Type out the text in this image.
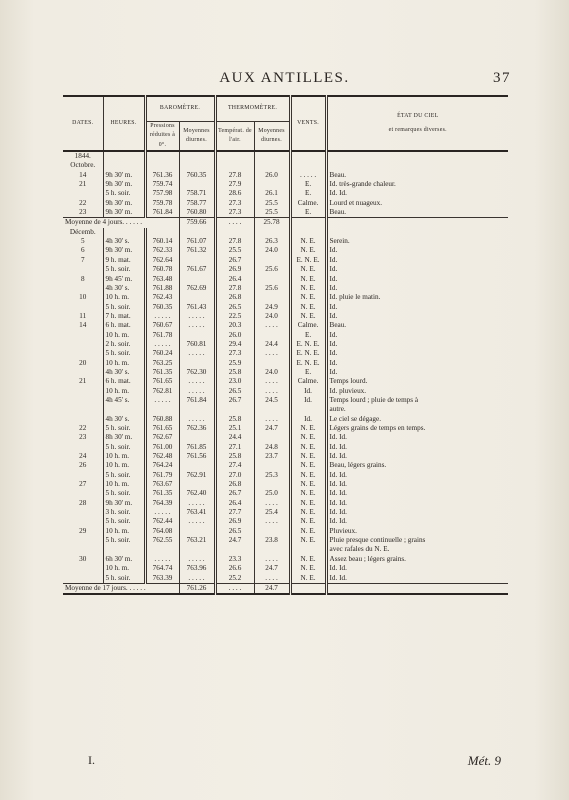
AUX ANTILLES.	37
DATES.	HEURES.	BAROMÈTRE.		THERMOMÈTRE.		VENTS.	ÉTAT DU CIEL
et remarques diverses.

		Pressions réduites à 0°.	Moyennes diurnes.	Températ. de l'air.	Moyennes diurnes.		

1844.							
Octobre.							

14	9h 30' m.	761.36	760.35	27.8	26.0	. . . . .	Beau.
21	9h 30' m.	759.74		27.9		E.	Id. très-grande chaleur.
	5 h. soir.	757.98	758.71	28.6	26.1	E.	Id. Id.
22	9h 30' m.	759.78	758.77	27.3	25.5	Calme.	Lourd et nuageux.
23	9h 30' m.	761.84	760.80	27.3	25.5	E.	Beau.

Moyenne de 4 jours. . . . . .			759.66	. . . .	25.78		

Décemb.							

5	4h 30' s.	760.14	761.07	27.8	26.3	N. E.	Serein.
6	9h 30' m.	762.33	761.32	25.5	24.0	N. E.	Id.
7	9 h. mat.	762.64		26.7		E. N. E.	Id.
	5 h. soir.	760.78	761.67	26.9	25.6	N. E.	Id.
8	9h 45' m.	763.48		26.4		N. E.	Id.
	4h 30' s.	761.88	762.69	27.8	25.6	N. E.	Id.
10	10 h. m.	762.43		26.8		N. E.	Id. pluie le matin.
	5 h. soir.	760.35	761.43	26.5	24.9	N. E.	Id.
11	7 h. mat.	. . . . .	. . . . .	22.5	24.0	N. E.	Id.
14	6 h. mat.	760.67	. . . . .	20.3	. . . .	Calme.	Beau.
	10 h. m.	761.78		26.0		E.	Id.
	2 h. soir.	. . . . .	760.81	29.4	24.4	E. N. E.	Id.
	5 h. soir.	760.24	. . . . .	27.3	. . . .	E. N. E.	Id.
20	10 h. m.	763.25		25.9		E. N. E.	Id.
	4h 30' s.	761.35	762.30	25.8	24.0	E.	Id.
21	6 h. mat.	761.65	. . . . .	23.0	. . . .	Calme.	Temps lourd.
	10 h. m.	762.81	. . . . .	26.5	. . . .	Id.	Id. pluvieux.
	4h 45' s.	. . . . .	761.84	26.7	24.5	Id.	Temps lourd ; pluie de temps à
							autre.
	4h 30' s.	760.88	. . . . .	25.8	. . . .	Id.	Le ciel se dégage.
22	5 h. soir.	761.65	762.36	25.1	24.7	N. E.	Légers grains de temps en temps.
23	8h 30' m.	762.67		24.4		N. E.	Id. Id.
	5 h. soir.	761.00	761.85	27.1	24.8	N. E.	Id. Id.
24	10 h. m.	762.48	761.56	25.8	23.7	N. E.	Id. Id.
26	10 h. m.	764.24		27.4		N. E.	Beau, légers grains.
	5 h. soir.	761.79	762.91	27.0	25.3	N. E.	Id. Id.
27	10 h. m.	763.67		26.8		N. E.	Id. Id.
	5 h. soir.	761.35	762.40	26.7	25.0	N. E.	Id. Id.
28	9h 30' m.	764.39	. . . . .	26.4	. . . .	N. E.	Id. Id.
	3 h. soir.	. . . . .	763.41	27.7	25.4	N. E.	Id. Id.
	5 h. soir.	762.44	. . . . .	26.9	. . . .	N. E.	Id. Id.
29	10 h. m.	764.08		26.5		N. E.	Pluvieux.
	5 h. soir.	762.55	763.21	24.7	23.8	N. E.	Pluie presque continuelle ; grains
							avec rafales du N. E.
30	6h 30' m.	. . . . .	. . . . .	23.3	. . . .	N. E.	Assez beau ; légers grains.
	10 h. m.	764.74	763.96	26.6	24.7	N. E.	Id. Id.
	5 h. soir.	763.39	. . . . .	25.2	. . . .	N. E.	Id. Id.

Moyenne de 17 jours. . . . . .			761.26	. . . .	24.7		
I.	Mét. 9
